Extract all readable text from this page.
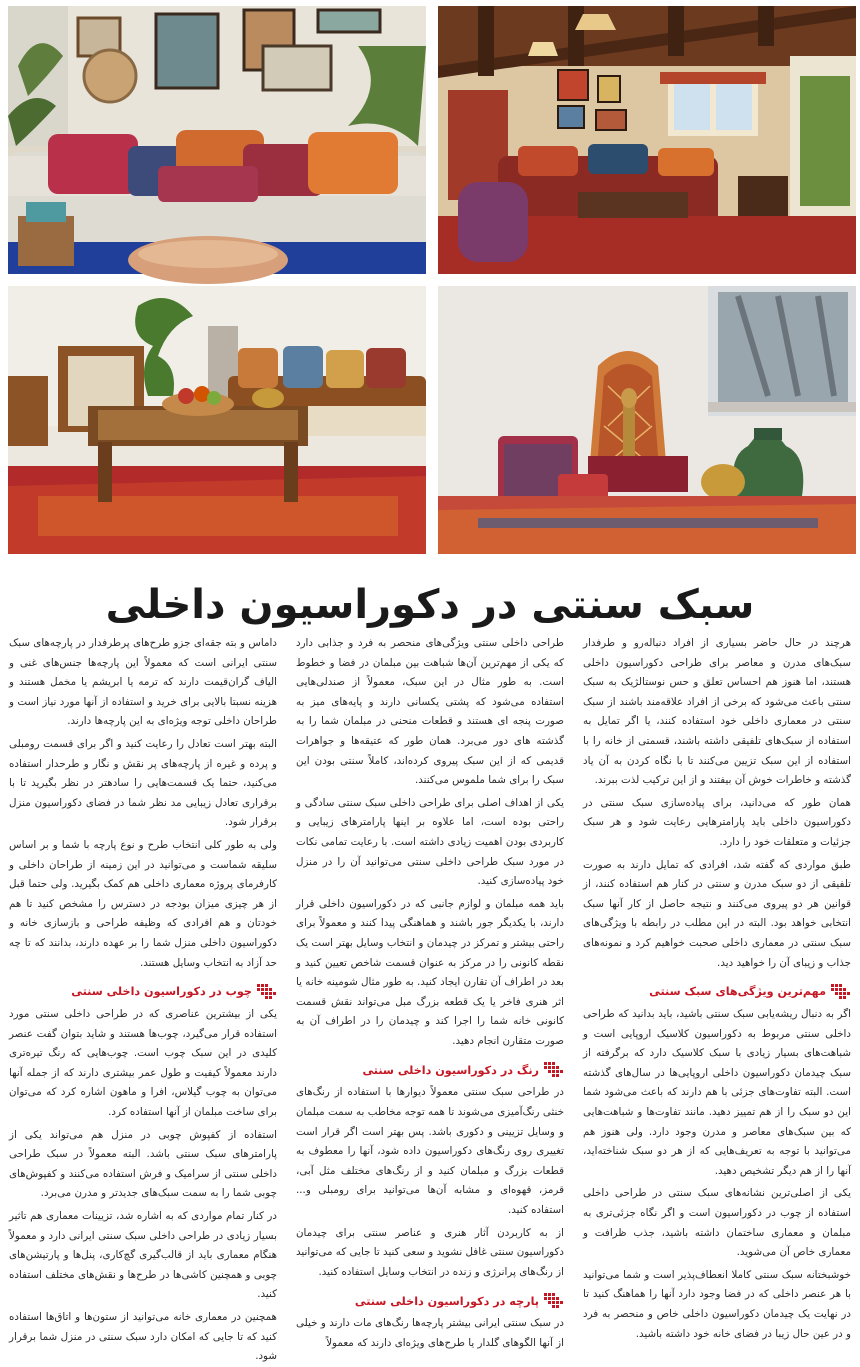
سبک سنتی در دکوراسیون داخلی

هرچند در حال حاضر بسیاری از افراد دنباله‌رو و طرفدار سبک‌های مدرن و معاصر برای طراحی دکوراسیون داخلی هستند، اما هنوز هم احساس تعلق و حس نوستالژیک به سبک سنتی باعث می‌شود که برخی از افراد علاقه‌مند باشند از سبک سنتی در معماری داخلی خود استفاده کنند، یا اگر تمایل به استفاده از سبک‌های تلفیقی داشته باشند، قسمتی از خانه را با استفاده از این سبک تزیین می‌کنند تا با نگاه کردن به آن یاد گذشته و خاطرات خوش آن بیفتند و از این ترکیب لذت ببرند.

همان طور که می‌دانید، برای پیاده‌سازی سبک سنتی در دکوراسیون داخلی باید پارامترهایی رعایت شود و هر سبک جزئیات و متعلقات خود را دارد.

طبق مواردی که گفته شد، افرادی که تمایل دارند به صورت تلفیقی از دو سبک مدرن و سنتی در کنار هم استفاده کنند، از قوانین هر دو پیروی می‌کنند و نتیجه حاصل از کار آنها سبک انتخابی خواهد بود. البته در این مطلب در رابطه با ویژگی‌های سبک سنتی در معماری داخلی صحبت خواهیم کرد و نمونه‌های جذاب و زیبای آن را خواهید دید.

مهم‌ترین ویژگی‌های سبک سنتی

اگر به دنبال ریشه‌یابی سبک سنتی باشید، باید بدانید که طراحی داخلی سنتی مربوط به دکوراسیون کلاسیک اروپایی است و شباهت‌های بسیار زیادی با سبک کلاسیک دارد که برگرفته از سبک چیدمان دکوراسیون داخلی اروپایی‌ها در سال‌های گذشته است. البته تفاوت‌های جزئی با هم دارند که باعث می‌شود شما این دو سبک را از هم تمییز دهید. مانند تفاوت‌ها و شباهت‌هایی که بین سبک‌های معاصر و مدرن وجود دارد. ولی هنوز هم می‌توانید با توجه به تعریف‌هایی که از هر دو سبک شناخته‌اید، آنها را از هم دیگر تشخیص دهید.

یکی از اصلی‌ترین نشانه‌های سبک سنتی در طراحی داخلی استفاده از چوب در دکوراسیون است و اگر نگاه جزئی‌تری به مبلمان و معماری ساختمان داشته باشید، جذب ظرافت و معماری خاص آن می‌شوید.

خوشبختانه سبک سنتی کاملا انعطاف‌پذیر است و شما می‌توانید با هر عنصر داخلی که در فضا وجود دارد آنها را هماهنگ کنید تا در نهایت یک چیدمان دکوراسیون داخلی خاص و منحصر به فرد و در عین حال زیبا در فضای خانه خود داشته باشید.

طراحی داخلی سنتی ویژگی‌های منحصر به فرد و جذابی دارد که یکی از مهم‌ترین آن‌ها شباهت بین مبلمان در فضا و خطوط است. به طور مثال در این سبک، معمولاً از صندلی‌هایی استفاده می‌شود که پشتی یکسانی دارند و پایه‌های میز به صورت پنجه ای هستند و قطعات منحنی در مبلمان شما را به گذشته‌ های دور می‌برد. همان طور که عتیقه‌ها و جواهرات قدیمی که از این سبک پیروی کرده‌اند، کاملاً سنتی بودن این سبک را برای شما ملموس می‌کنند.

یکی از اهداف اصلی برای طراحی داخلی سبک سنتی سادگی و راحتی بوده است، اما علاوه بر اینها پارامترهای زیبایی و کاربردی بودن اهمیت زیادی داشته است. با رعایت تمامی نکات در مورد سبک طراحی داخلی سنتی می‌توانید آن را در منزل خود پیاده‌سازی کنید.

باید همه مبلمان و لوازم جانبی که در دکوراسیون داخلی قرار دارند، با یکدیگر جور باشند و هماهنگی پیدا کنند و معمولاً برای راحتی بیشتر و تمرکز در چیدمان و انتخاب وسایل بهتر است یک نقطه کانونی را در مرکز به عنوان قسمت شاخص تعیین کنید و بعد در اطراف آن تقارن ایجاد کنید. به طور مثال شومینه خانه یا اثر هنری فاخر یا یک قطعه بزرگ مبل می‌تواند نقش قسمت کانونی خانه شما را اجرا کند و چیدمان را در اطراف آن به صورت متقارن انجام دهید.

رنگ در دکوراسیون داخلی سنتی

در طراحی سبک سنتی معمولاً دیوارها با استفاده از رنگ‌های خنثی رنگ‌آمیزی می‌شوند تا همه توجه مخاطب به سمت مبلمان و وسایل تزیینی و دکوری باشد. پس بهتر است اگر قرار است تغییری روی رنگ‌های دکوراسیون داده شود، آنها را معطوف به قطعات بزرگ و مبلمان کنید و از رنگ‌های مختلف مثل آبی، قرمز، قهوه‌ای و مشابه آن‌ها می‌توانید برای رومبلی و... استفاده کنید.

از به کاربردن آثار هنری و عناصر سنتی برای چیدمان دکوراسیون سنتی غافل نشوید و سعی کنید تا جایی که می‌توانید از رنگ‌های پرانرژی و زنده در انتخاب وسایل استفاده کنید.

پارچه در دکوراسیون داخلی سنتی

در سبک سنتی ایرانی بیشتر پارچه‌ها رنگ‌های مات دارند و خیلی از آنها الگوهای گلدار یا طرح‌های ویژه‌ای دارند که معمولاً

داماس و بته جقه‌ای جزو طرح‌های پرطرفدار در پارچه‌های سبک سنتی ایرانی است که معمولاً این پارچه‌ها جنس‌های غنی و الیاف گران‌قیمت دارند که ترمه یا ابریشم یا مخمل هستند و هزینه نسبتا بالایی برای خرید و استفاده از آنها مورد نیاز است و طراحان داخلی توجه ویژه‌ای به این پارچه‌ها دارند.

البته بهتر است تعادل را رعایت کنید و اگر برای قسمت رومبلی و پرده و غیره از پارچه‌های پر نقش و نگار و طرحدار استفاده می‌کنید، حتما یک قسمت‌هایی را سادهتر در نظر بگیرید تا با برقراری تعادل زیبایی مد نظر شما در فضای دکوراسیون منزل برقرار شود.

ولی به طور کلی انتخاب طرح و نوع پارچه با شما و بر اساس سلیقه شماست و می‌توانید در این زمینه از طراحان داخلی و کارفرمای پروژه معماری داخلی هم کمک بگیرید. ولی حتما قبل از هر چیزی میزان بودجه در دسترس را مشخص کنید تا هم خودتان و هم افرادی که وظیفه طراحی و بازسازی خانه و دکوراسیون داخلی منزل شما را بر عهده دارند، بدانند که تا چه حد آزاد به انتخاب وسایل هستند.

چوب در دکوراسیون داخلی سنتی

یکی از بیشترین عناصری که در طراحی داخلی سنتی مورد استفاده قرار می‌گیرد، چوب‌ها هستند و شاید بتوان گفت عنصر کلیدی در این سبک چوب است. چوب‌هایی که رنگ تیره‌تری دارند معمولاً کیفیت و طول عمر بیشتری دارند که از جمله آنها می‌توان به چوب گیلاس، افرا و ماهون اشاره کرد که می‌توان برای ساخت مبلمان از آنها استفاده کرد.

استفاده از کفپوش چوبی در منزل هم می‌تواند یکی از پارامترهای سبک سنتی باشد. البته معمولاً در سبک طراحی داخلی سنتی از سرامیک و فرش استفاده می‌کنند و کفپوش‌های چوبی شما را به سمت سبک‌های جدیدتر و مدرن می‌برد.

در کنار تمام مواردی که به اشاره شد، تزیینات معماری هم تاثیر بسیار زیادی در طراحی داخلی سبک سنتی ایرانی دارد و معمولاً هنگام معماری باید از قالب‌گیری گچ‌کاری، پنل‌ها و پارتیشن‌های چوبی و همچنین کاشی‌ها در طرح‌ها و نقش‌های مختلف استفاده کنید.

همچنین در معماری خانه می‌توانید از ستون‌ها و اتاق‌ها استفاده کنید که تا جایی که امکان دارد سبک سنتی در منزل شما برقرار شود.
